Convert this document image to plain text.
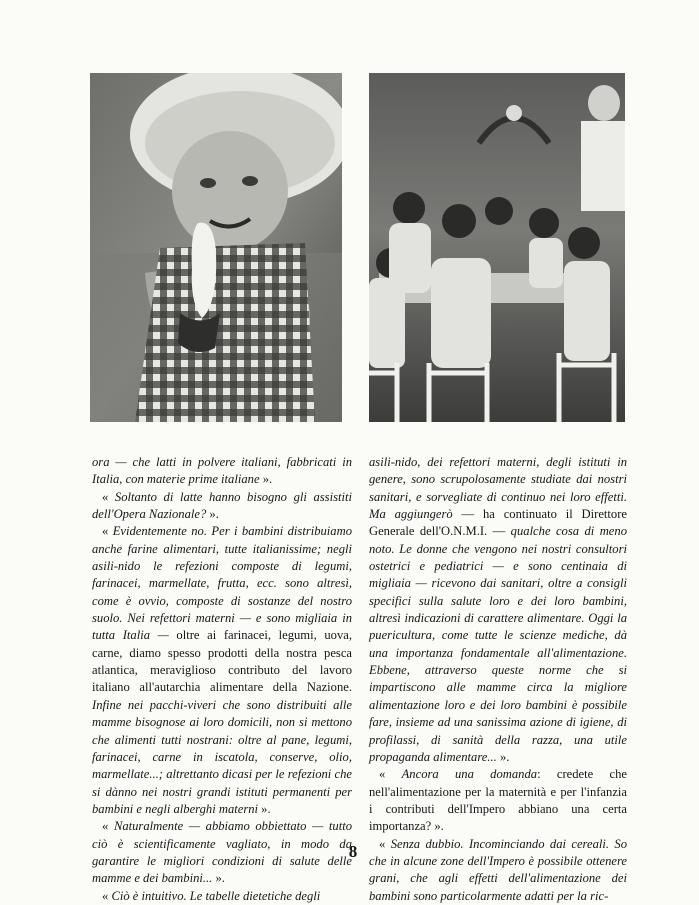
ora — che latti in polvere italiani, fabbricati in Italia, con materie prime italiane ».

« Soltanto di latte hanno bisogno gli assistiti dell'Opera Nazionale? ».

« Evidentemente no. Per i bambini distribuiamo anche farine alimentari, tutte italianissime; negli asili-nido le refezioni composte di legumi, farinacei, marmellate, frutta, ecc. sono altresì, come è ovvio, composte di sostanze del nostro suolo. Nei refettori materni — e sono migliaia in tutta Italia — oltre ai farinacei, legumi, uova, carne, diamo spesso prodotti della nostra pesca atlantica, meraviglioso contributo del lavoro italiano all'autarchia alimentare della Nazione. Infine nei pacchi-viveri che sono distribuiti alle mamme bisognose ai loro domicili, non si mettono che alimenti tutti nostrani: oltre al pane, legumi, farinacei, carne in iscatola, conserve, olio, marmellate...; altrettanto dicasi per le refezioni che si dànno nei nostri grandi istituti permanenti per bambini e negli alberghi materni ».

« Naturalmente — abbiamo obbiettato — tutto ciò è scientificamente vagliato, in modo da garantire le migliori condizioni di salute delle mamme e dei bambini... ».

« Ciò è intuitivo. Le tabelle dietetiche degli

asili-nido, dei refettori materni, degli istituti in genere, sono scrupolosamente studiate dai nostri sanitari, e sorvegliate di continuo nei loro effetti. Ma aggiungerò — ha continuato il Direttore Generale dell'O.N.M.I. — qualche cosa di meno noto. Le donne che vengono nei nostri consultori ostetrici e pediatrici — e sono centinaia di migliaia — ricevono dai sanitari, oltre a consigli specifici sulla salute loro e dei loro bambini, altresì indicazioni di carattere alimentare. Oggi la puericultura, come tutte le scienze mediche, dà una importanza fondamentale all'alimentazione. Ebbene, attraverso queste norme che si impartiscono alle mamme circa la migliore alimentazione loro e dei loro bambini è possibile fare, insieme ad una sanissima azione di igiene, di profilassi, di sanità della razza, una utile propaganda alimentare... ».

« Ancora una domanda: credete che nell'alimentazione per la maternità e per l'infanzia i contributi dell'Impero abbiano una certa importanza? ».

« Senza dubbio. Incominciando dai cereali. So che in alcune zone dell'Impero è possibile ottenere grani, che agli effetti dell'alimentazione dei bambini sono particolarmente adatti per la ric-

8
